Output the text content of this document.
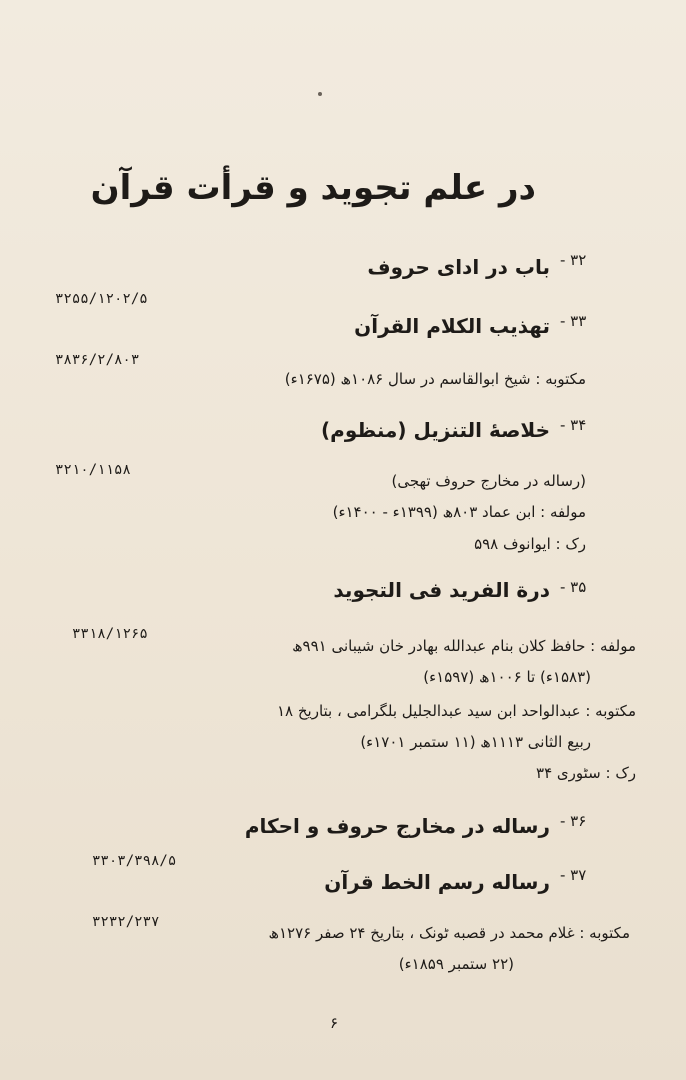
در علم تجوید و قرأت قرآن
- ۳۲
باب در ادای حروف
۳۲۵۵/۱۲۰۲/۵
- ۳۳
تهذیب الکلام القرآن
۳۸۳۶/۲/۸۰۳
مکتوبه : شیخ ابوالقاسم در سال ۱۰۸۶ھ (۱۶۷۵ء)
- ۳۴
خلاصهٔ التنزیل (منظوم)
۳۲۱۰/۱۱۵۸
(رساله در مخارج حروف تهجی)
مولفه : ابن عماد ۸۰۳ھ (۱۳۹۹ء - ۱۴۰۰ء)
رک : ایوانوف ۵۹۸
- ۳۵
درة الفرید فی التجوید
۳۳۱۸/۱۲۶۵
مولفه : حافظ کلان بنام عبدالله بهادر خان شیبانی ۹۹۱ھ
(۱۵۸۳ء) تا ۱۰۰۶ھ (۱۵۹۷ء)
مکتوبه : عبدالواحد ابن سید عبدالجلیل بلگرامی ، بتاریخ ۱۸
ربیع الثانی ۱۱۱۳ھ (۱۱ ستمبر ۱۷۰۱ء)
رک : سٹوری ۳۴
- ۳۶
رساله در مخارج حروف و احکام
۳۳۰۳/۳۹۸/۵
- ۳۷
رساله رسم الخط قرآن
۳۲۳۲/۲۳۷
مکتوبه : غلام محمد در قصبه ٹونک ، بتاریخ ۲۴ صفر ۱۲۷۶ھ
(۲۲ ستمبر ۱۸۵۹ء)
۶
